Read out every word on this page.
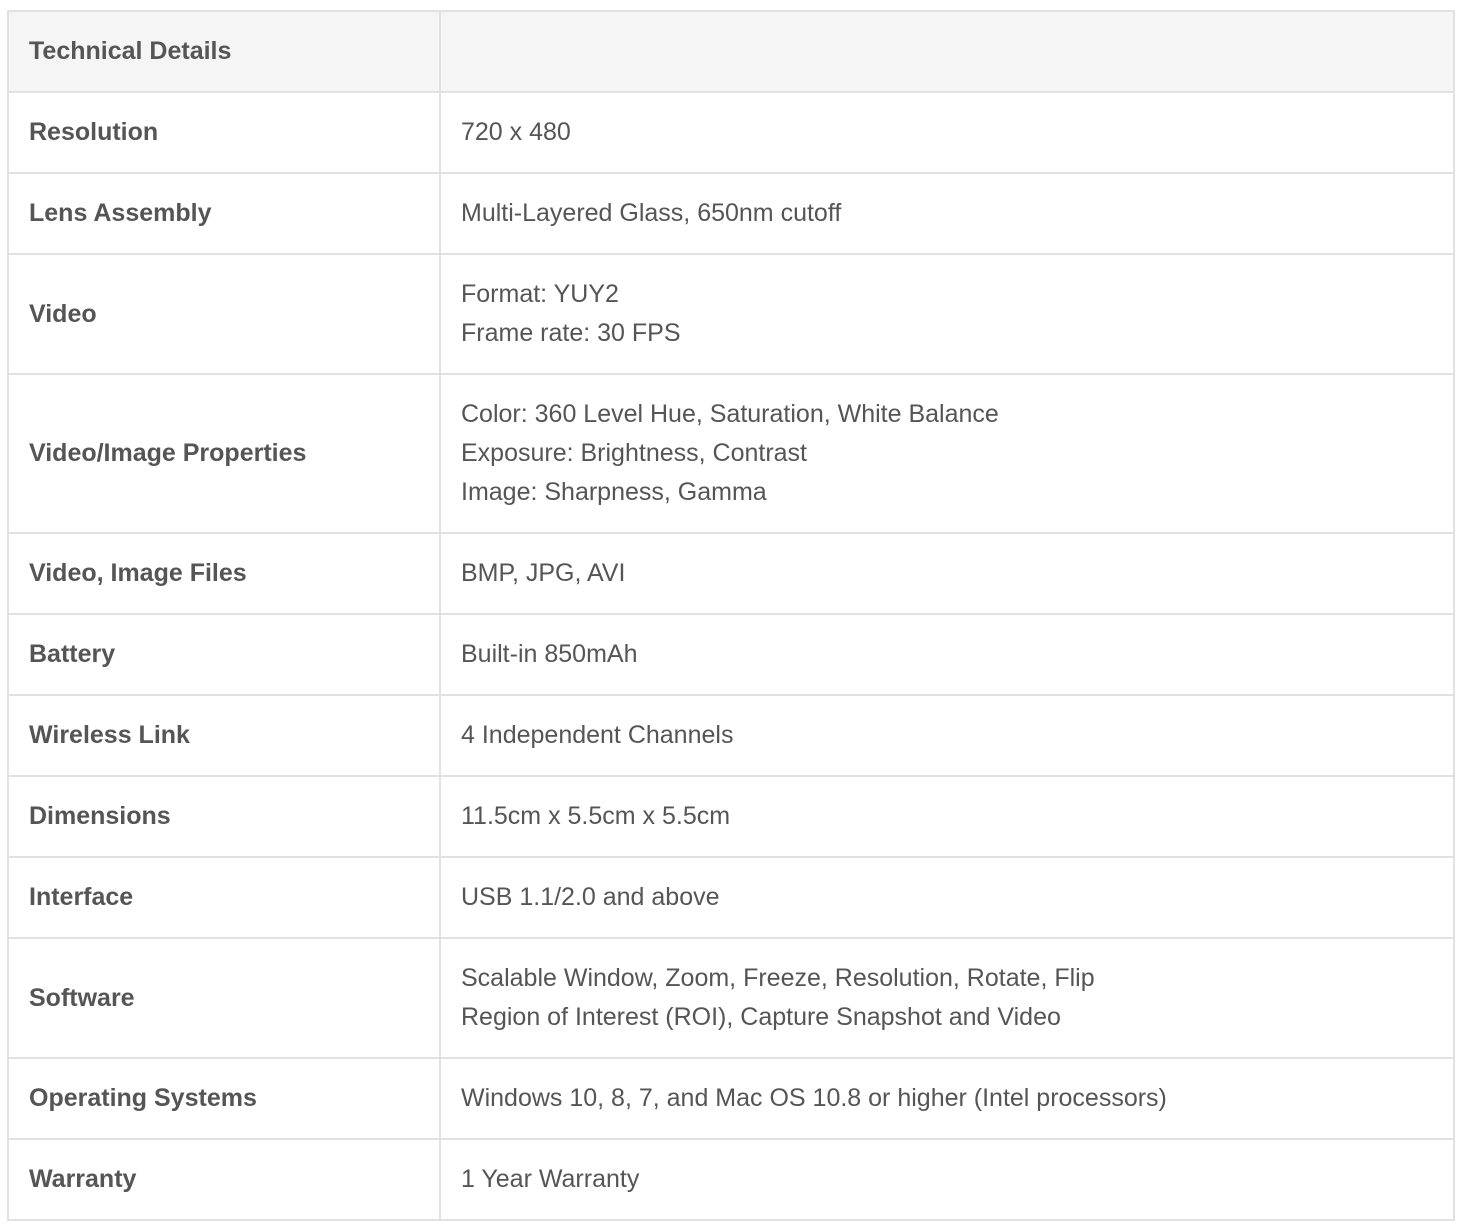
Technical Details	
Resolution	720 x 480

Lens Assembly	Multi-Layered Glass, 650nm cutoff

Video	Format: YUY2
Frame rate: 30 FPS

Video/Image Properties	Color: 360 Level Hue, Saturation, White Balance
Exposure: Brightness, Contrast
Image: Sharpness, Gamma

Video, Image Files	BMP, JPG, AVI

Battery	Built-in 850mAh

Wireless Link	4 Independent Channels

Dimensions	11.5cm x 5.5cm x 5.5cm

Interface	USB 1.1/2.0 and above

Software	Scalable Window, Zoom, Freeze, Resolution, Rotate, Flip
Region of Interest (ROI), Capture Snapshot and Video

Operating Systems	Windows 10, 8, 7, and Mac OS 10.8 or higher (Intel processors)

Warranty	1 Year Warranty
